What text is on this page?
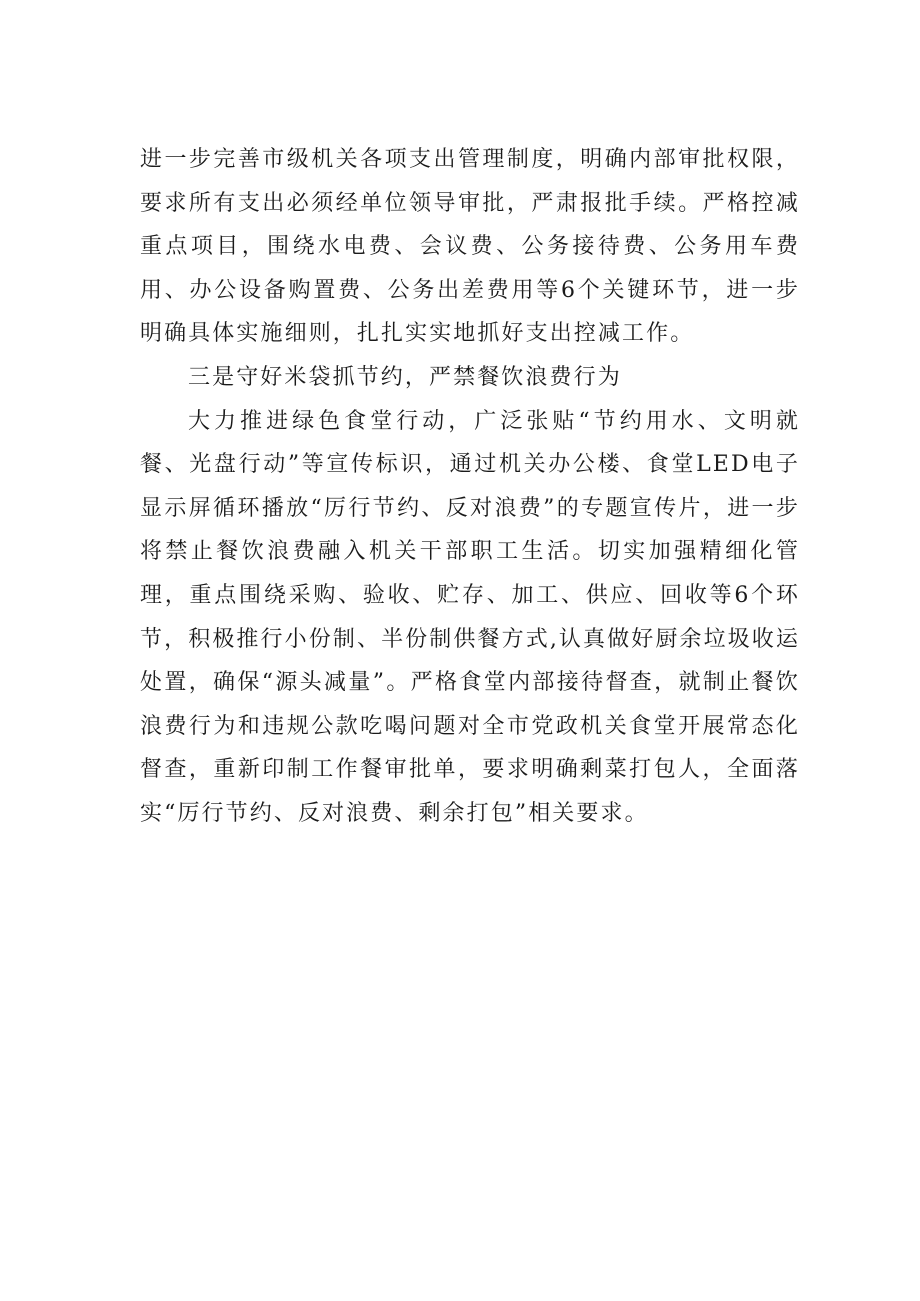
进一步完善市级机关各项支出管理制度，明确内部审批权限，要求所有支出必须经单位领导审批，严肃报批手续。严格控减重点项目，围绕水电费、会议费、公务接待费、公务用车费用、办公设备购置费、公务出差费用等6个关键环节，进一步明确具体实施细则，扎扎实实地抓好支出控减工作。

三是守好米袋抓节约，严禁餐饮浪费行为

大力推进绿色食堂行动，广泛张贴“节约用水、文明就餐、光盘行动”等宣传标识，通过机关办公楼、食堂LED电子显示屏循环播放“厉行节约、反对浪费”的专题宣传片，进一步将禁止餐饮浪费融入机关干部职工生活。切实加强精细化管理，重点围绕采购、验收、贮存、加工、供应、回收等6个环节，积极推行小份制、半份制供餐方式,认真做好厨余垃圾收运处置，确保“源头减量”。严格食堂内部接待督查，就制止餐饮浪费行为和违规公款吃喝问题对全市党政机关食堂开展常态化督查，重新印制工作餐审批单，要求明确剩菜打包人，全面落实“厉行节约、反对浪费、剩余打包”相关要求。
